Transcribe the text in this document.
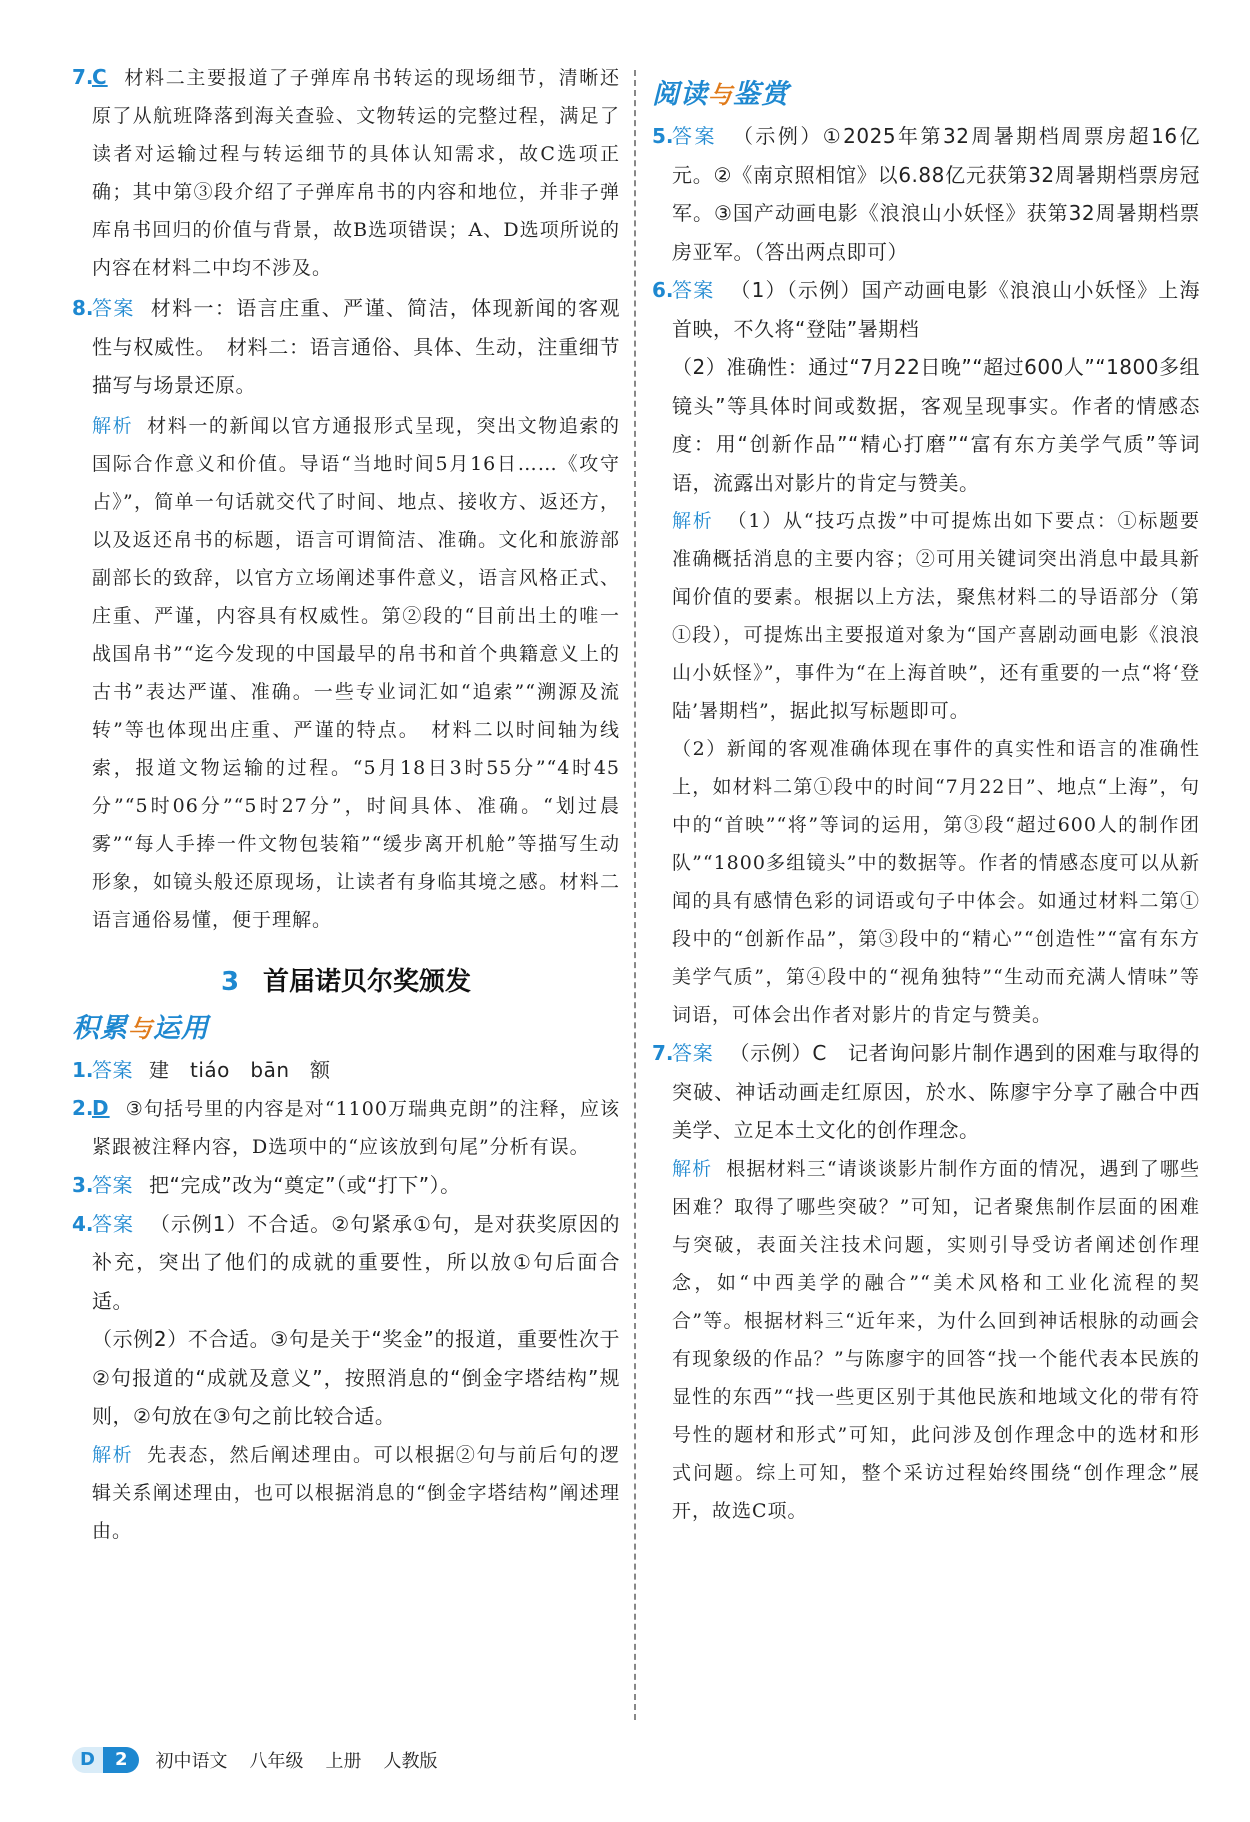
7.

C 材料二主要报道了子弹库帛书转运的现场细节，清晰还原了从航班降落到海关查验、文物转运的完整过程，满足了读者对运输过程与转运细节的具体认知需求，故C选项正确；其中第③段介绍了子弹库帛书的内容和地位，并非子弹库帛书回归的价值与背景，故B选项错误；A、D选项所说的内容在材料二中均不涉及。

8.

答案 材料一：语言庄重、严谨、简洁，体现新闻的客观性与权威性。　材料二：语言通俗、具体、生动，注重细节描写与场景还原。

解析 材料一的新闻以官方通报形式呈现，突出文物追索的国际合作意义和价值。导语“当地时间5月16日……《攻守占》”，简单一句话就交代了时间、地点、接收方、返还方，以及返还帛书的标题，语言可谓简洁、准确。文化和旅游部副部长的致辞，以官方立场阐述事件意义，语言风格正式、庄重、严谨，内容具有权威性。第②段的“目前出土的唯一战国帛书”“迄今发现的中国最早的帛书和首个典籍意义上的古书”表达严谨、准确。一些专业词汇如“追索”“溯源及流转”等也体现出庄重、严谨的特点。　材料二以时间轴为线索，报道文物运输的过程。“5月18日3时55分”“4时45分”“5时06分”“5时27分”，时间具体、准确。“划过晨雾”“每人手捧一件文物包装箱”“缓步离开机舱”等描写生动形象，如镜头般还原现场，让读者有身临其境之感。材料二语言通俗易懂，便于理解。

3 首届诺贝尔奖颁发
积累与运用
1.

答案 建　tiáo　bān　额

2.

D ③句括号里的内容是对“1100万瑞典克朗”的注释，应该紧跟被注释内容，D选项中的“应该放到句尾”分析有误。

3.

答案 把“完成”改为“奠定”（或“打下”）。

4.

答案 （示例1）不合适。②句紧承①句，是对获奖原因的补充，突出了他们的成就的重要性，所以放①句后面合适。

（示例2）不合适。③句是关于“奖金”的报道，重要性次于②句报道的“成就及意义”，按照消息的“倒金字塔结构”规则，②句放在③句之前比较合适。

解析 先表态，然后阐述理由。可以根据②句与前后句的逻辑关系阐述理由，也可以根据消息的“倒金字塔结构”阐述理由。

阅读与鉴赏
5.

答案 （示例）①2025年第32周暑期档周票房超16亿元。②《南京照相馆》以6.88亿元获第32周暑期档票房冠军。③国产动画电影《浪浪山小妖怪》获第32周暑期档票房亚军。（答出两点即可）

6.

答案 （1）（示例）国产动画电影《浪浪山小妖怪》上海首映，不久将“登陆”暑期档

（2）准确性：通过“7月22日晚”“超过600人”“1800多组镜头”等具体时间或数据，客观呈现事实。作者的情感态度：用“创新作品”“精心打磨”“富有东方美学气质”等词语，流露出对影片的肯定与赞美。

解析 （1）从“技巧点拨”中可提炼出如下要点：①标题要准确概括消息的主要内容；②可用关键词突出消息中最具新闻价值的要素。根据以上方法，聚焦材料二的导语部分（第①段），可提炼出主要报道对象为“国产喜剧动画电影《浪浪山小妖怪》”，事件为“在上海首映”，还有重要的一点“将‘登陆’暑期档”，据此拟写标题即可。

（2）新闻的客观准确体现在事件的真实性和语言的准确性上，如材料二第①段中的时间“7月22日”、地点“上海”，句中的“首映”“将”等词的运用，第③段“超过600人的制作团队”“1800多组镜头”中的数据等。作者的情感态度可以从新闻的具有感情色彩的词语或句子中体会。如通过材料二第①段中的“创新作品”，第③段中的“精心”“创造性”“富有东方美学气质”，第④段中的“视角独特”“生动而充满人情味”等词语，可体会出作者对影片的肯定与赞美。

7.

答案 （示例）C　记者询问影片制作遇到的困难与取得的突破、神话动画走红原因，於水、陈廖宇分享了融合中西美学、立足本土文化的创作理念。

解析 根据材料三“请谈谈影片制作方面的情况，遇到了哪些困难？取得了哪些突破？”可知，记者聚焦制作层面的困难与突破，表面关注技术问题，实则引导受访者阐述创作理念，如“中西美学的融合”“美术风格和工业化流程的契合”等。根据材料三“近年来，为什么回到神话根脉的动画会有现象级的作品？”与陈廖宇的回答“找一个能代表本民族的显性的东西”“找一些更区别于其他民族和地域文化的带有符号性的题材和形式”可知，此问涉及创作理念中的选材和形式问题。综上可知，整个采访过程始终围绕“创作理念”展开，故选C项。

D	2	初中语文 八年级 上册 人教版
